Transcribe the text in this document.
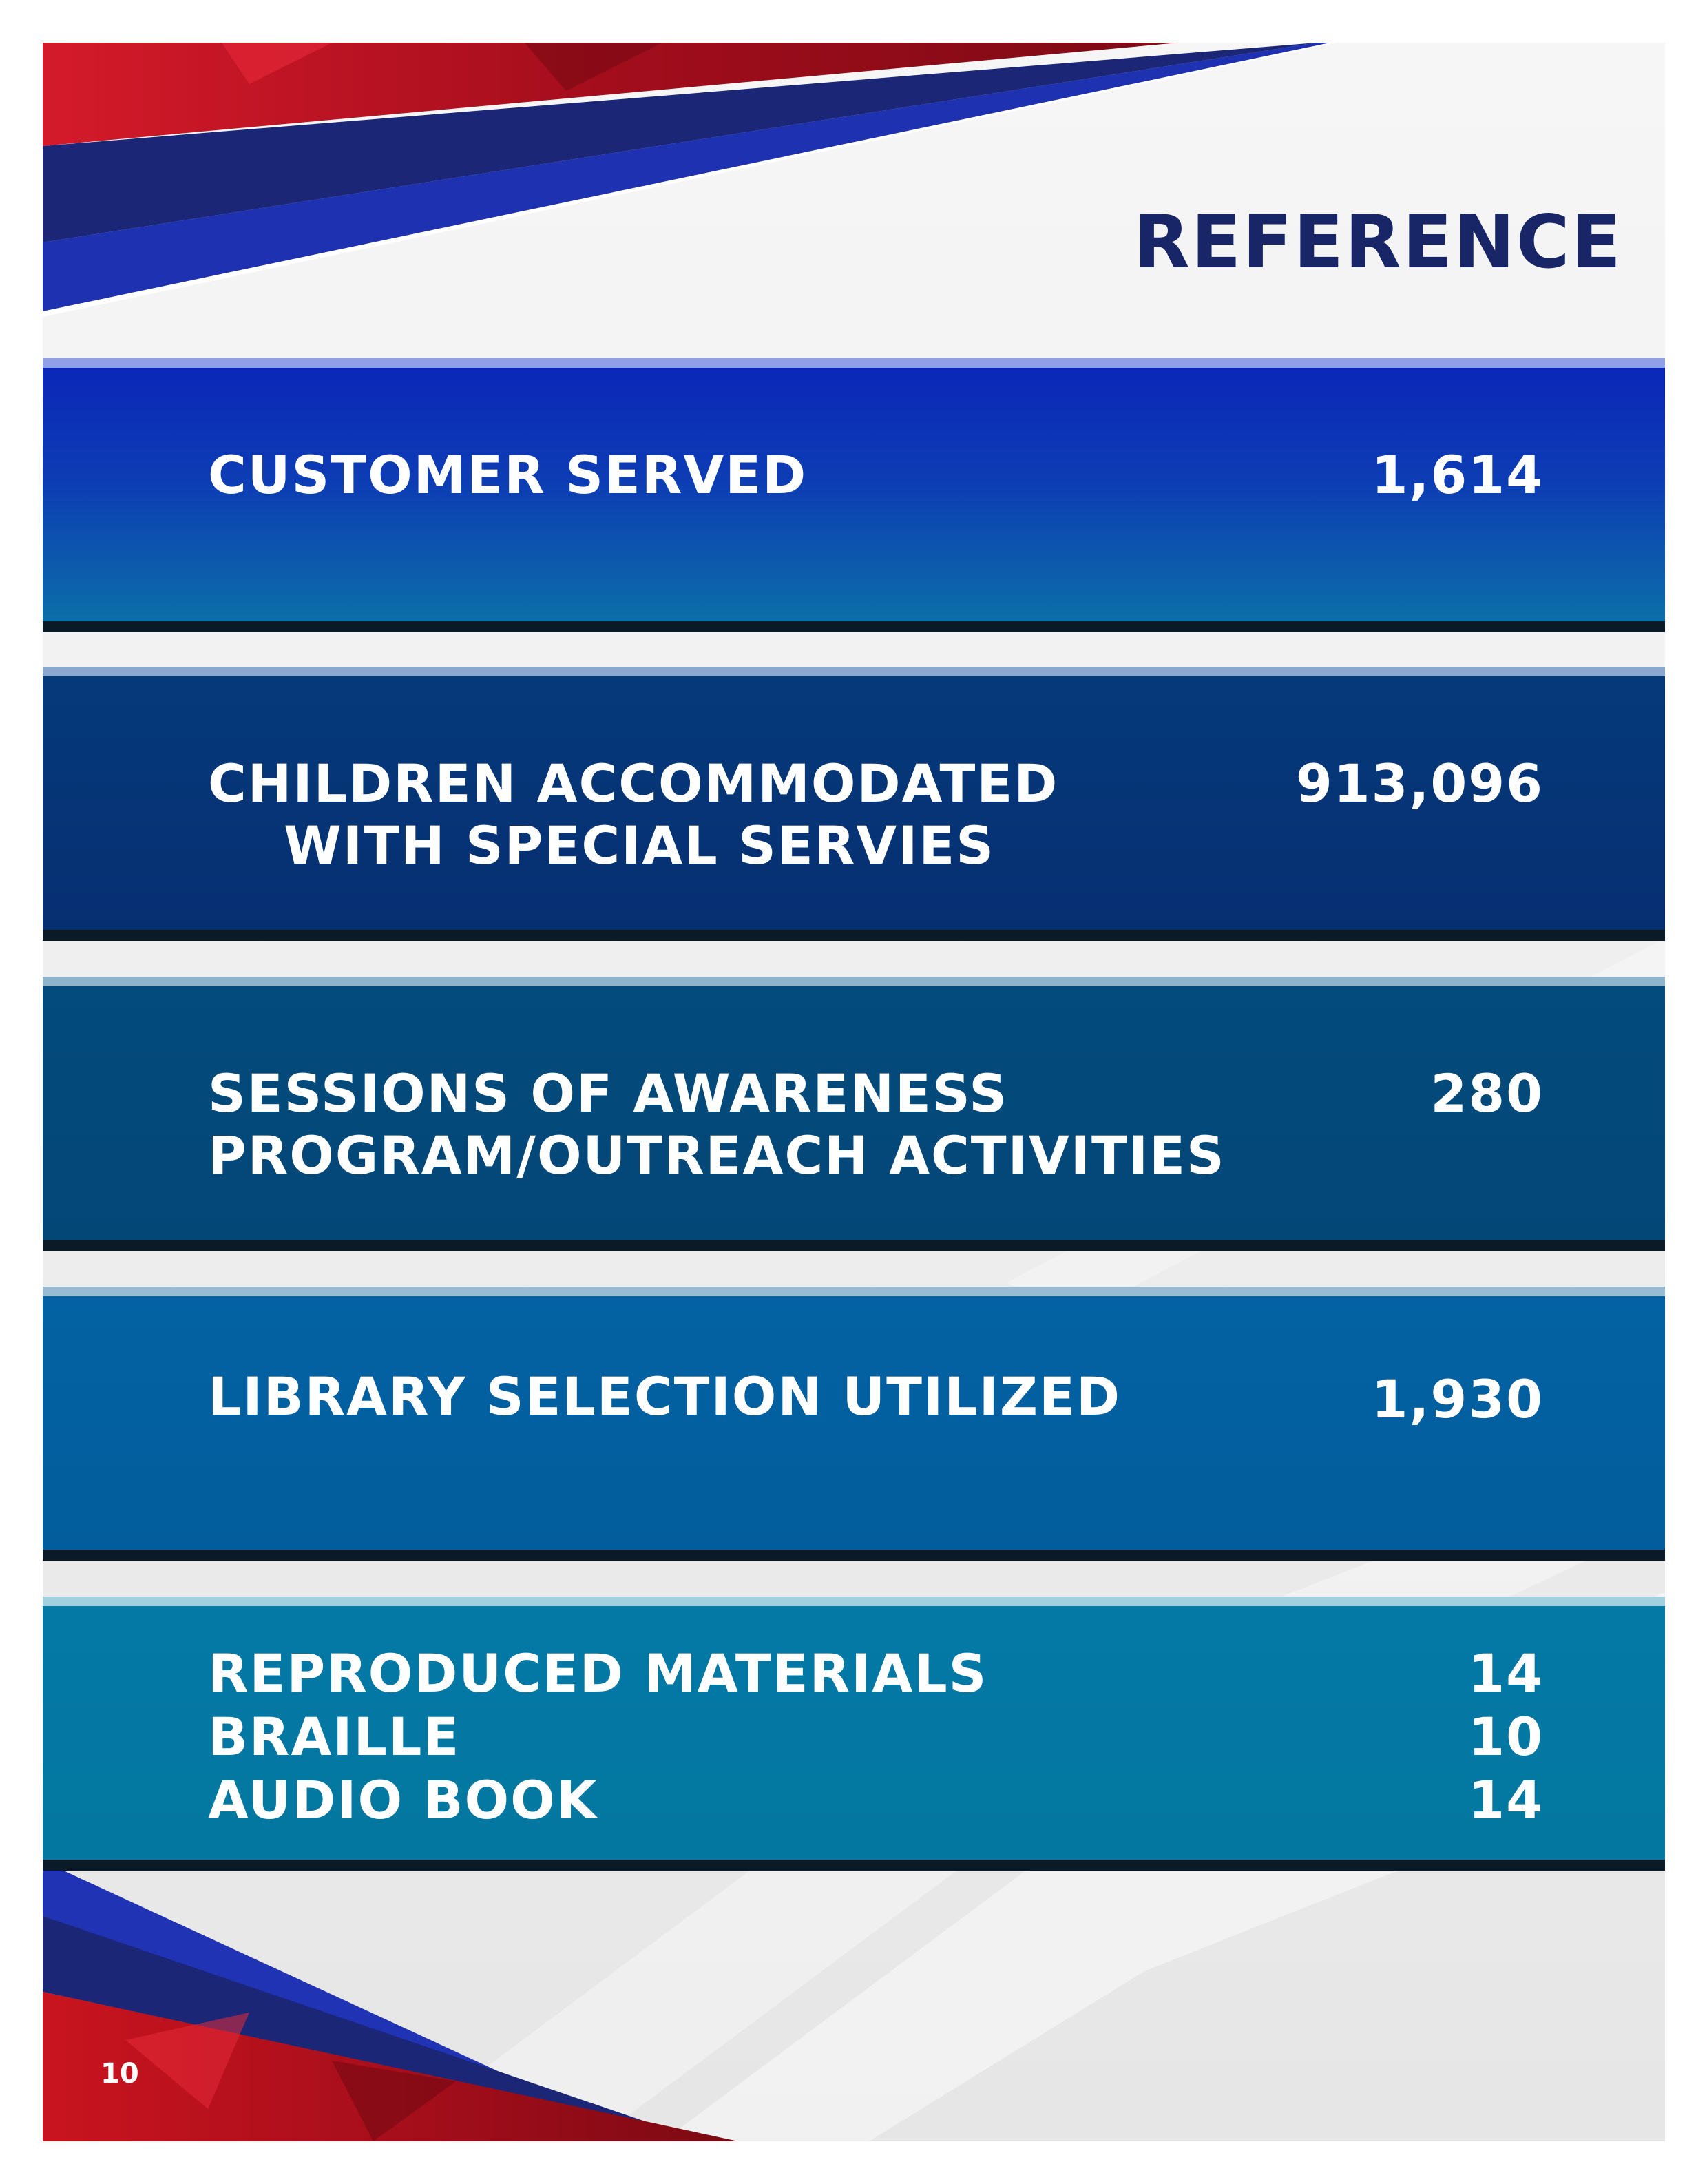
REFERENCE
CUSTOMER SERVED	1,614
CHILDREN ACCOMMODATED
WITH SPECIAL SERVIES
913,096
SESSIONS OF AWARENESS
PROGRAM/OUTREACH ACTIVITIES
280
LIBRARY SELECTION UTILIZED	1,930
REPRODUCED MATERIALS
BRAILLE
AUDIO BOOK
14
10
14
10
